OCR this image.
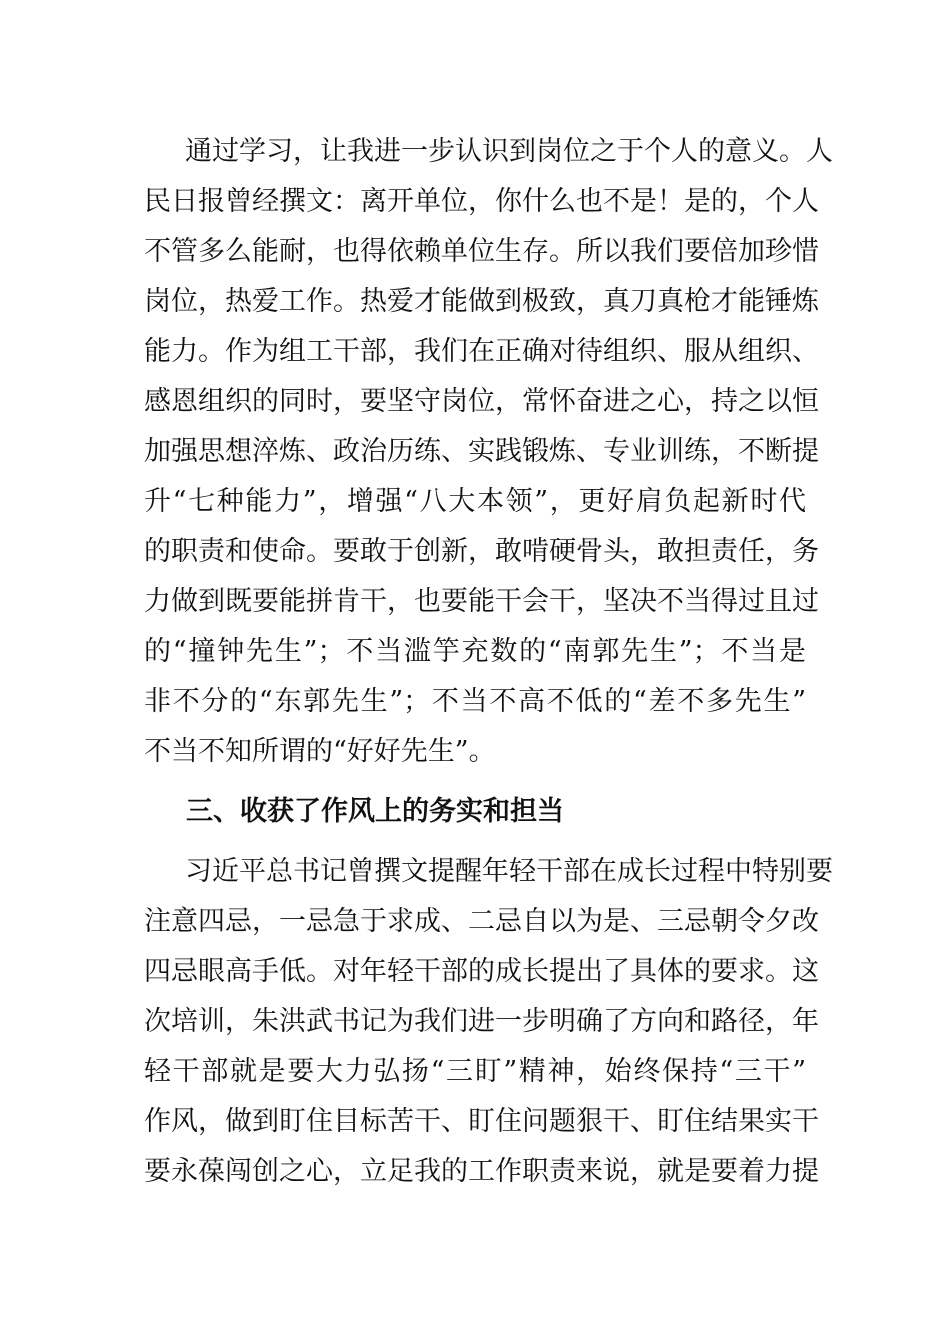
通过学习，让我进一步认识到岗位之于个人的意义。人
民日报曾经撰文：离开单位，你什么也不是！是的，个人
不管多么能耐，也得依赖单位生存。所以我们要倍加珍惜
岗位，热爱工作。热爱才能做到极致，真刀真枪才能锤炼
能力。作为组工干部，我们在正确对待组织、服从组织、
感恩组织的同时，要坚守岗位，常怀奋进之心，持之以恒
加强思想淬炼、政治历练、实践锻炼、专业训练，不断提
升“七种能力”，增强“八大本领”，更好肩负起新时代
的职责和使命。要敢于创新，敢啃硬骨头，敢担责任，务
力做到既要能拼肯干，也要能干会干，坚决不当得过且过
的“撞钟先生”；不当滥竽充数的“南郭先生”；不当是
非不分的“东郭先生”；不当不高不低的“差不多先生”
不当不知所谓的“好好先生”。
三、收获了作风上的务实和担当
习近平总书记曾撰文提醒年轻干部在成长过程中特别要
注意四忌，一忌急于求成、二忌自以为是、三忌朝令夕改
四忌眼高手低。对年轻干部的成长提出了具体的要求。这
次培训，朱洪武书记为我们进一步明确了方向和路径，年
轻干部就是要大力弘扬“三盯”精神，始终保持“三干”
作风，做到盯住目标苦干、盯住问题狠干、盯住结果实干
要永葆闯创之心，立足我的工作职责来说，就是要着力提
